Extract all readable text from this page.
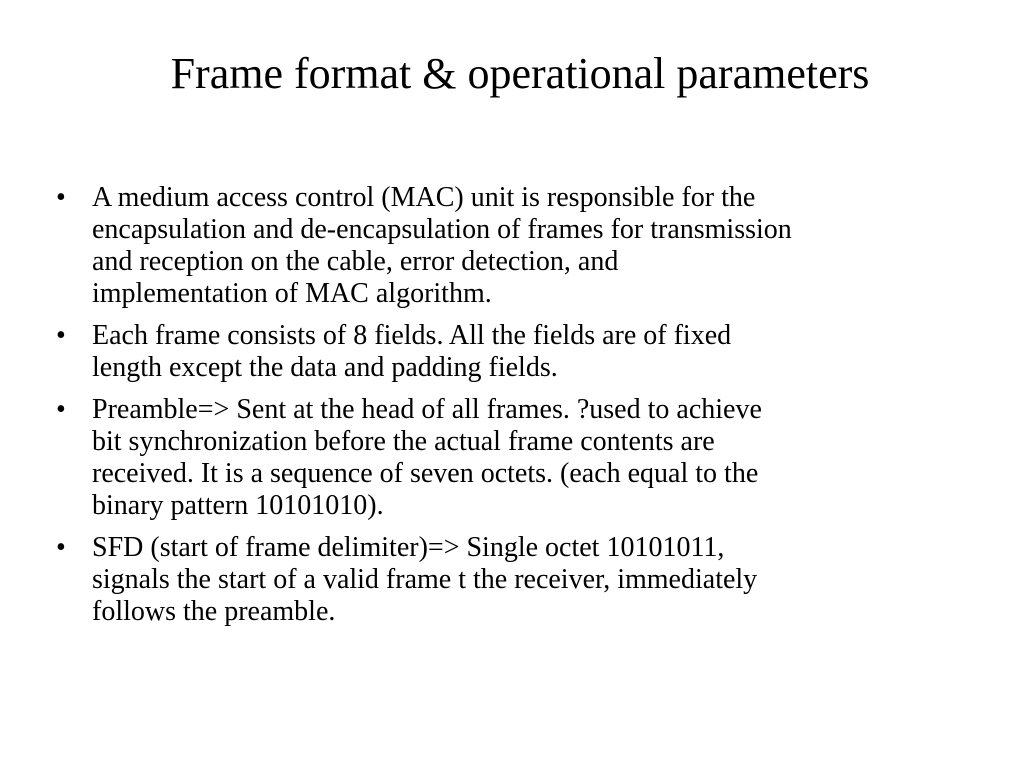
Frame format & operational parameters
• A medium access control (MAC) unit is responsible for the
encapsulation and de-encapsulation of frames for transmission
and reception on the cable, error detection, and
implementation of MAC algorithm.
• Each frame consists of 8 fields. All the fields are of fixed
length except the data and padding fields.
• Preamble=> Sent at the head of all frames. ?used to achieve
bit synchronization before the actual frame contents are
received. It is a sequence of seven octets. (each equal to the
binary pattern 10101010).
• SFD (start of frame delimiter)=> Single octet 10101011,
signals the start of a valid frame t the receiver, immediately
follows the preamble.
